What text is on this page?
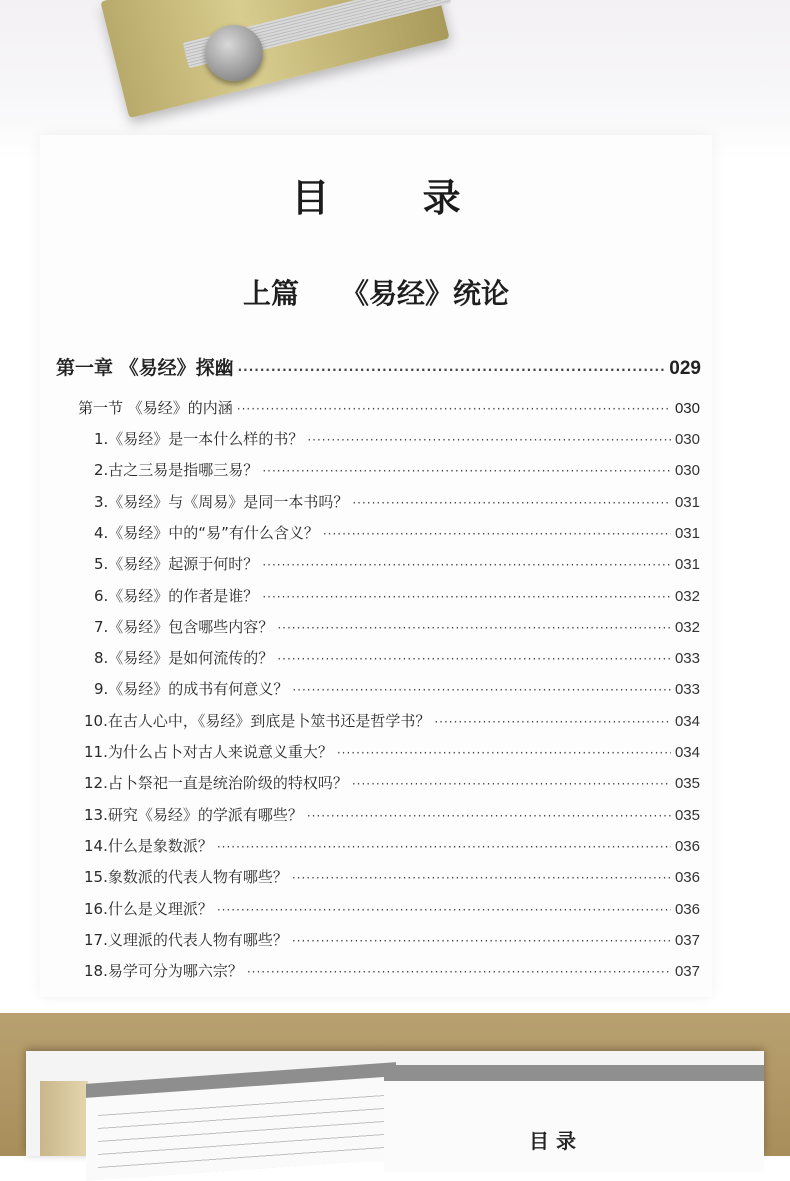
目 录
上篇 《易经》统论
第一章 《易经》探幽 ·····	029
第一节 《易经》的内涵 ·····	030
1.《易经》是一本什么样的书？ ·····	030
2.古之三易是指哪三易？ ·····	030
3.《易经》与《周易》是同一本书吗？ ·····	031
4.《易经》中的“易”有什么含义？ ·····	031
5.《易经》起源于何时？ ·····	031
6.《易经》的作者是谁？ ·····	032
7.《易经》包含哪些内容？ ·····	032
8.《易经》是如何流传的？ ·····	033
9.《易经》的成书有何意义？ ·····	033
10.在古人心中，《易经》到底是卜筮书还是哲学书？ ·····	034
11.为什么占卜对古人来说意义重大？ ·····	034
12.占卜祭祀一直是统治阶级的特权吗？ ·····	035
13.研究《易经》的学派有哪些？ ·····	035
14.什么是象数派？ ·····	036
15.象数派的代表人物有哪些？ ·····	036
16.什么是义理派？ ·····	036
17.义理派的代表人物有哪些？ ·····	037
18.易学可分为哪六宗？ ·····	037
目 录
